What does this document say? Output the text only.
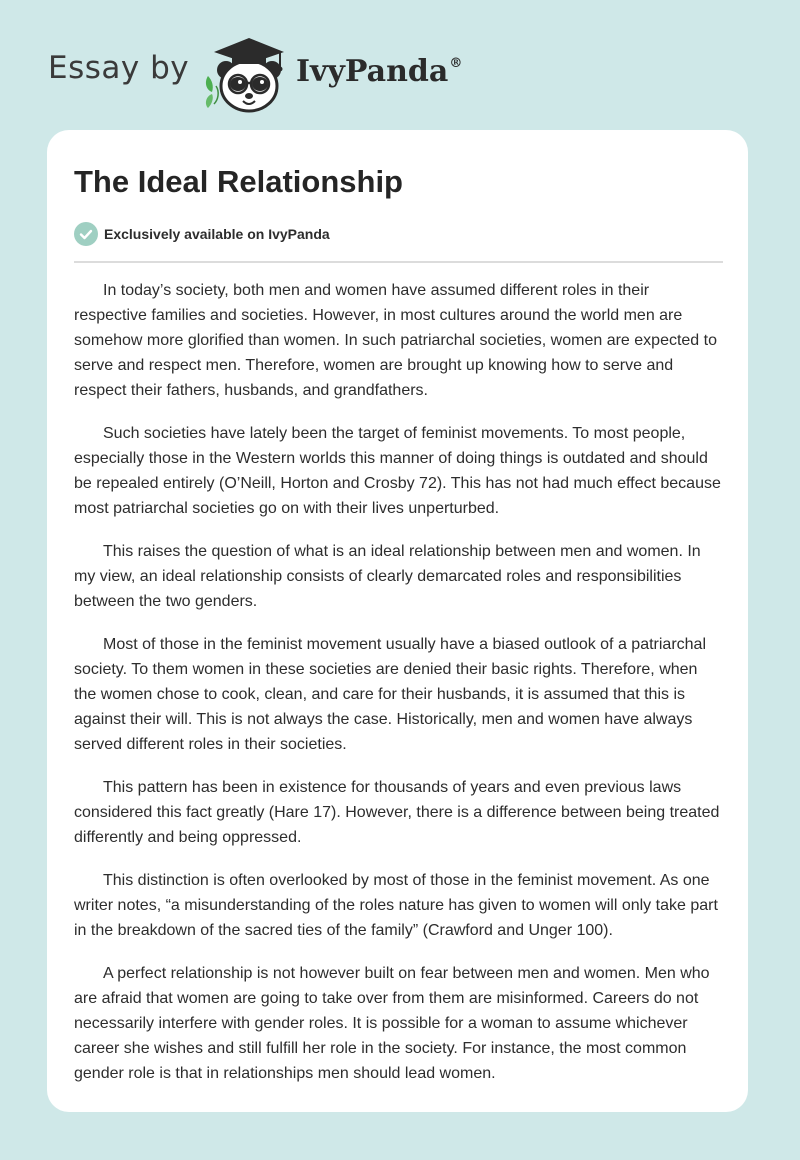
Essay by	IvyPanda®
The Ideal Relationship
Exclusively available on IvyPanda

In today’s society, both men and women have assumed different roles in their respective families and societies. However, in most cultures around the world men are somehow more glorified than women. In such patriarchal societies, women are expected to serve and respect men. Therefore, women are brought up knowing how to serve and respect their fathers, husbands, and grandfathers.

Such societies have lately been the target of feminist movements. To most people, especially those in the Western worlds this manner of doing things is outdated and should be repealed entirely (O’Neill, Horton and Crosby 72). This has not had much effect because most patriarchal societies go on with their lives unperturbed.

This raises the question of what is an ideal relationship between men and women. In my view, an ideal relationship consists of clearly demarcated roles and responsibilities between the two genders.

Most of those in the feminist movement usually have a biased outlook of a patriarchal society. To them women in these societies are denied their basic rights. Therefore, when the women chose to cook, clean, and care for their husbands, it is assumed that this is against their will. This is not always the case. Historically, men and women have always served different roles in their societies.

This pattern has been in existence for thousands of years and even previous laws considered this fact greatly (Hare 17). However, there is a difference between being treated differently and being oppressed.

This distinction is often overlooked by most of those in the feminist movement. As one writer notes, “a misunderstanding of the roles nature has given to women will only take part in the breakdown of the sacred ties of the family” (Crawford and Unger 100).

A perfect relationship is not however built on fear between men and women. Men who are afraid that women are going to take over from them are misinformed. Careers do not necessarily interfere with gender roles. It is possible for a woman to assume whichever career she wishes and still fulfill her role in the society. For instance, the most common gender role is that in relationships men should lead women.
